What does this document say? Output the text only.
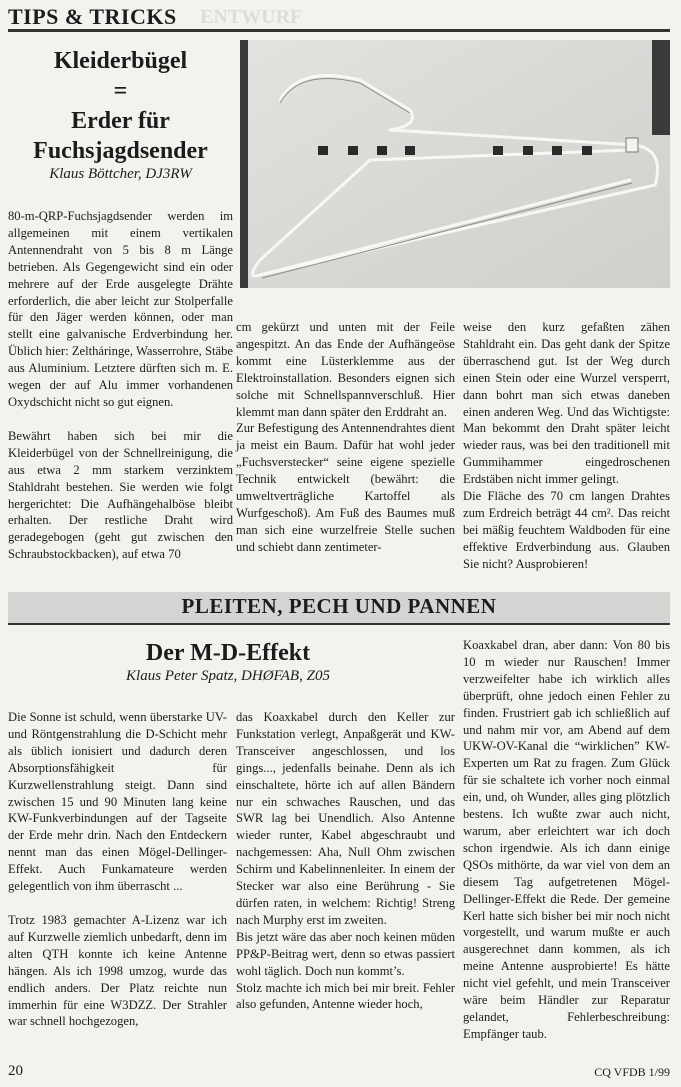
TIPS & TRICKS ENTWURF
Kleiderbügel
=
Erder für
Fuchsjagdsender
Klaus Böttcher, DJ3RW

80-m-QRP-Fuchsjagdsender werden im allgemeinen mit einem vertikalen Antennendraht von 5 bis 8 m Länge betrieben. Als Gegengewicht sind ein oder mehrere auf der Erde ausgelegte Drähte erforderlich, die aber leicht zur Stolperfalle für den Jäger werden können, oder man stellt eine galvanische Erdverbindung her. Üblich hier: Zeltháringe, Wasserrohre, Stäbe aus Aluminium. Letztere dürften sich m. E. wegen der auf Alu immer vorhandenen Oxydschicht nicht so gut eignen.

Bewährt haben sich bei mir die Kleiderbügel von der Schnellreinigung, die aus etwa 2 mm starkem verzinktem Stahldraht bestehen. Sie werden wie folgt hergerichtet: Die Aufhängehalböse bleibt erhalten. Der restliche Draht wird geradegebogen (geht gut zwischen den Schraubstockbacken), auf etwa 70

cm gekürzt und unten mit der Feile angespitzt. An das Ende der Aufhängeöse kommt eine Lüsterklemme aus der Elektroinstallation. Besonders eignen sich solche mit Schnellspannverschluß. Hier klemmt man dann später den Erddraht an.

Zur Befestigung des Antennendrahtes dient ja meist ein Baum. Dafür hat wohl jeder „Fuchsverstecker“ seine eigene spezielle Technik entwickelt (bewährt: die umweltverträgliche Kartoffel als Wurfgeschoß). Am Fuß des Baumes muß man sich eine wurzelfreie Stelle suchen und schiebt dann zentimeter-

weise den kurz gefaßten zähen Stahldraht ein. Das geht dank der Spitze überraschend gut. Ist der Weg durch einen Stein oder eine Wurzel versperrt, dann bohrt man sich etwas daneben einen anderen Weg. Und das Wichtigste: Man bekommt den Draht später leicht wieder raus, was bei den traditionell mit Gummihammer eingedroschenen Erdstäben nicht immer gelingt.

Die Fläche des 70 cm langen Drahtes zum Erdreich beträgt 44 cm². Das reicht bei mäßig feuchtem Waldboden für eine effektive Erdverbindung aus. Glauben Sie nicht? Ausprobieren!

PLEITEN, PECH UND PANNEN
Der M-D-Effekt
Klaus Peter Spatz, DHØFAB, Z05

Die Sonne ist schuld, wenn überstarke UV- und Röntgenstrahlung die D-Schicht mehr als üblich ionisiert und dadurch deren Absorptionsfähigkeit für Kurzwellenstrahlung steigt. Dann sind zwischen 15 und 90 Minuten lang keine KW-Funkverbindungen auf der Tagseite der Erde mehr drin. Nach den Entdeckern nennt man das einen Mögel-Dellinger-Effekt. Auch Funkamateure werden gelegentlich von ihm überrascht ...

Trotz 1983 gemachter A-Lizenz war ich auf Kurzwelle ziemlich unbedarft, denn im alten QTH konnte ich keine Antenne hängen. Als ich 1998 umzog, wurde das endlich anders. Der Platz reichte nun immerhin für eine W3DZZ. Der Strahler war schnell hochgezogen,

das Koaxkabel durch den Keller zur Funkstation verlegt, Anpaßgerät und KW-Transceiver angeschlossen, und los gings..., jedenfalls beinahe. Denn als ich einschaltete, hörte ich auf allen Bändern nur ein schwaches Rauschen, und das SWR lag bei Unendlich. Also Antenne wieder runter, Kabel abgeschraubt und nachgemessen: Aha, Null Ohm zwischen Schirm und Kabelinnenleiter. In einem der Stecker war also eine Berührung - Sie dürfen raten, in welchem: Richtig! Streng nach Murphy erst im zweiten.

Bis jetzt wäre das aber noch keinen müden PP&P-Beitrag wert, denn so etwas passiert wohl täglich. Doch nun kommt’s.

Stolz machte ich mich bei mir breit. Fehler also gefunden, Antenne wieder hoch,

Koaxkabel dran, aber dann: Von 80 bis 10 m wieder nur Rauschen! Immer verzweifelter habe ich wirklich alles überprüft, ohne jedoch einen Fehler zu finden. Frustriert gab ich schließlich auf und nahm mir vor, am Abend auf dem UKW-OV-Kanal die “wirklichen” KW-Experten um Rat zu fragen. Zum Glück für sie schaltete ich vorher noch einmal ein, und, oh Wunder, alles ging plötzlich bestens. Ich wußte zwar auch nicht, warum, aber erleichtert war ich doch schon irgendwie. Als ich dann einige QSOs mithörte, da war viel von dem an diesem Tag aufgetretenen Mögel-Dellinger-Effekt die Rede. Der gemeine Kerl hatte sich bisher bei mir noch nicht vorgestellt, und warum mußte er auch ausgerechnet dann kommen, als ich meine Antenne ausprobierte! Es hätte nicht viel gefehlt, und mein Transceiver wäre beim Händler zur Reparatur gelandet, Fehlerbeschreibung: Empfänger taub.

20	CQ VFDB 1/99
